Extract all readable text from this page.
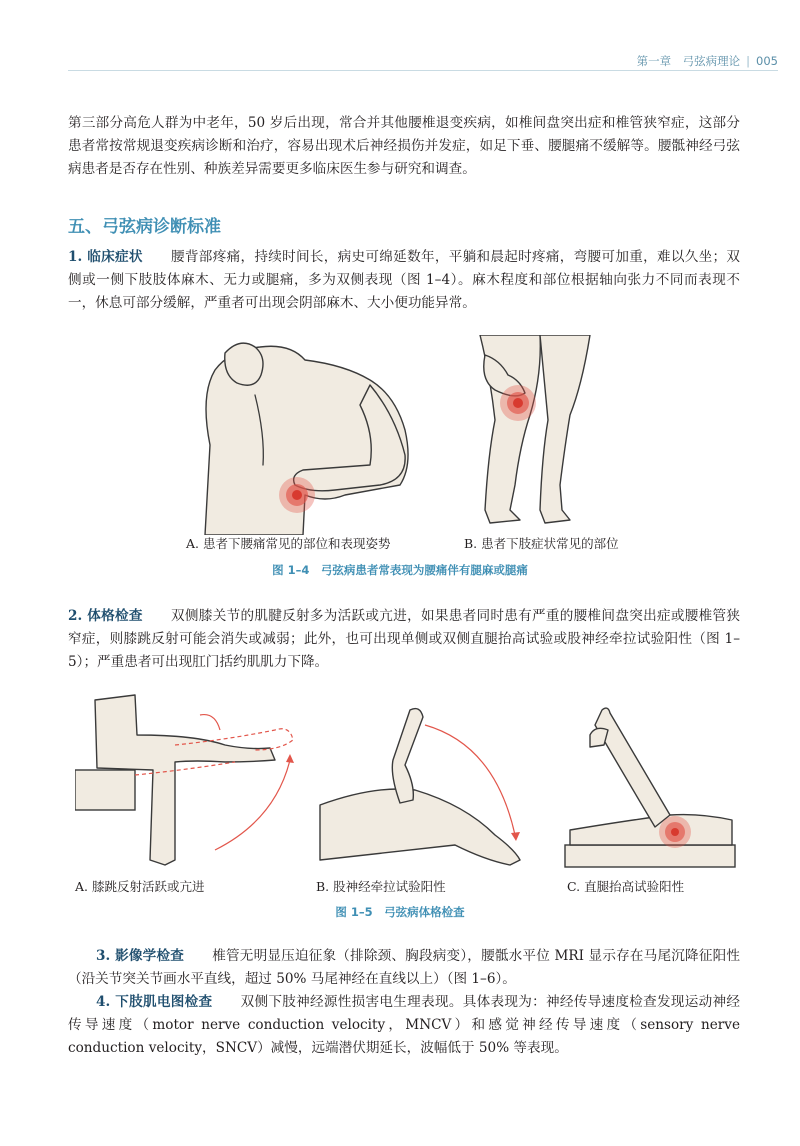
第一章　弓弦病理论 | 005

第三部分高危人群为中老年，50 岁后出现，常合并其他腰椎退变疾病，如椎间盘突出症和椎管狭窄症，这部分患者常按常规退变疾病诊断和治疗，容易出现术后神经损伤并发症，如足下垂、腰腿痛不缓解等。腰骶神经弓弦病患者是否存在性别、种族差异需要更多临床医生参与研究和调查。

五、弓弦病诊断标准

1. 临床症状 腰背部疼痛，持续时间长，病史可绵延数年，平躺和晨起时疼痛，弯腰可加重，难以久坐；双侧或一侧下肢肢体麻木、无力或腿痛，多为双侧表现（图 1–4）。麻木程度和部位根据轴向张力不同而表现不一，休息可部分缓解，严重者可出现会阴部麻木、大小便功能异常。

A. 患者下腰痛常见的部位和表现姿势	B. 患者下肢症状常见的部位
图 1–4　弓弦病患者常表现为腰痛伴有腿麻或腿痛

2. 体格检查 双侧膝关节的肌腱反射多为活跃或亢进，如果患者同时患有严重的腰椎间盘突出症或腰椎管狭窄症，则膝跳反射可能会消失或减弱；此外，也可出现单侧或双侧直腿抬高试验或股神经牵拉试验阳性（图 1–5）；严重患者可出现肛门括约肌肌力下降。

A. 膝跳反射活跃或亢进	B. 股神经牵拉试验阳性	C. 直腿抬高试验阳性
图 1–5　弓弦病体格检查

3. 影像学检查 椎管无明显压迫征象（排除颈、胸段病变），腰骶水平位 MRI 显示存在马尾沉降征阳性（沿关节突关节画水平直线，超过 50% 马尾神经在直线以上）（图 1–6）。

4. 下肢肌电图检查 双侧下肢神经源性损害电生理表现。具体表现为：神经传导速度检查发现运动神经传导速度（motor nerve conduction velocity，MNCV）和感觉神经传导速度（sensory nerve conduction velocity，SNCV）减慢，远端潜伏期延长，波幅低于 50% 等表现。
